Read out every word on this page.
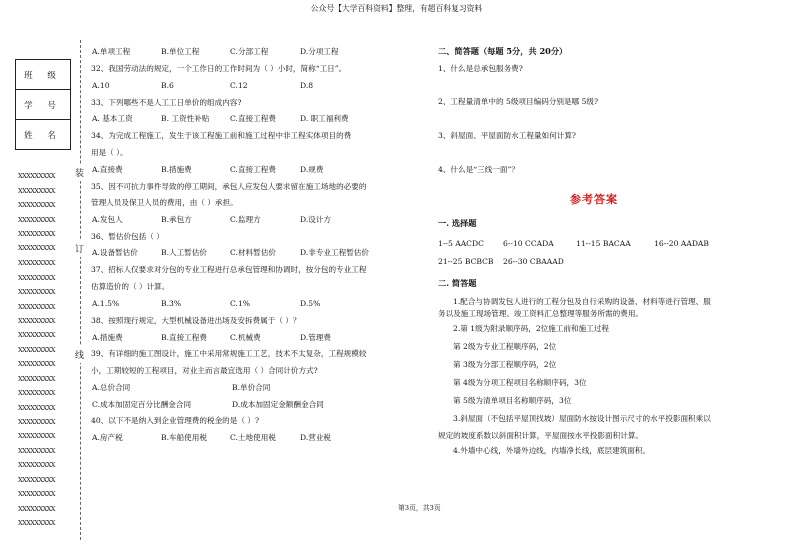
公众号【大学百科资料】整理，有超百科复习资料
班 级
学 号
姓 名
装
订
线
XXXXXXXXX
XXXXXXXXX
XXXXXXXXX
XXXXXXXXX
XXXXXXXXX
XXXXXXXXX
XXXXXXXXX
XXXXXXXXX
XXXXXXXXX
XXXXXXXXX
XXXXXXXXX
XXXXXXXXX
XXXXXXXXX
XXXXXXXXX
XXXXXXXXX
XXXXXXXXX
XXXXXXXXX
XXXXXXXXX
XXXXXXXXX
XXXXXXXXX
XXXXXXXXX
XXXXXXXXX
XXXXXXXXX
XXXXXXXXX
XXXXXXXXX
A.单项工程	B.单位工程	C.分部工程	D.分项工程
32、我国劳动法的规定，一个工作日的工作时间为（ ）小时，简称“工日”。
A.10	B.6	C.12	D.8
33、下列哪些不是人工工日单价的组成内容?
A. 基本工资	B. 工资性补贴	C.直接工程费	D. 职工福利费
34、为完成工程施工，发生于该工程施工前和施工过程中非工程实体项目的费
用是（ ）。
A.直接费	B.措施费	C.直接工程费	D.规费
35、因不可抗力事件导致的停工期间，承包人应发包人要求留在施工场地的必要的
管理人员及保卫人员的费用，由（ ）承担。
A.发包人	B.承包方	C.监理方	D.设计方
36、暂估价包括（ ）
A.设备暂估价	B.人工暂估价	C.材料暂估价	D.非专业工程暂估价
37、招标人仅要求对分包的专业工程进行总承包管理和协调时，按分包的专业工程
估算造价的（ ）计算。
A.1.5%	B.3%	C.1%	D.5%
38、按照现行规定，大型机械设备进出场及安拆费属于（ ）？
A.措施费	B.直接工程费	C.机械费	D.管理费
39、有详细的施工图设计，施工中采用常规施工工艺，技术不太复杂，工程规模较
小，工期较短的工程项目，对业主而言最宜选用（ ）合同计价方式?
A.总价合同	B.单价合同
C.成本加固定百分比酬金合同	D.成本加固定金额酬金合同
40、以下不是纳入到企业管理费的税金的是（ ）?
A.房产税	B.车船使用税	C.土地使用税	D.营业税
二、简答题（每题 5分，共 20分）
1、什么是总承包服务费?
2、工程量清单中的 5级项目编码分别是哪 5级?
3、斜屋面、平屋面防水工程量如何计算?
4、什么是“三线一面”？
参考答案
一. 选择题
1--5 AACDC	6--10 CCADA	11--15 BACAA	16--20 AADAB
21--25 BCBCB 26--30 CBAAAD
二. 简答题
1.配合与协调发包人进行的工程分包及自行采购的设备、材料等进行管理、服
务以及施工现场管理、竣工资料汇总整理等服务所需的费用。
2.第 1级为附录顺序码，2位施工前和施工过程
第 2级为专业工程顺序码，2位
第 3级为分部工程顺序码，2位
第 4级为分项工程项目名称顺序码，3位
第 5级为清单项目名称顺序码，3位
3.斜屋面（不包括平屋顶找坡）屋面防水按设计图示尺寸的水平投影面积乘以
规定的坡度系数以斜面积计算，平屋面按水平投影面积计算。
4.外墙中心线，外墙外边线，内墙净长线，底层建筑面积。
第3页，共3页
